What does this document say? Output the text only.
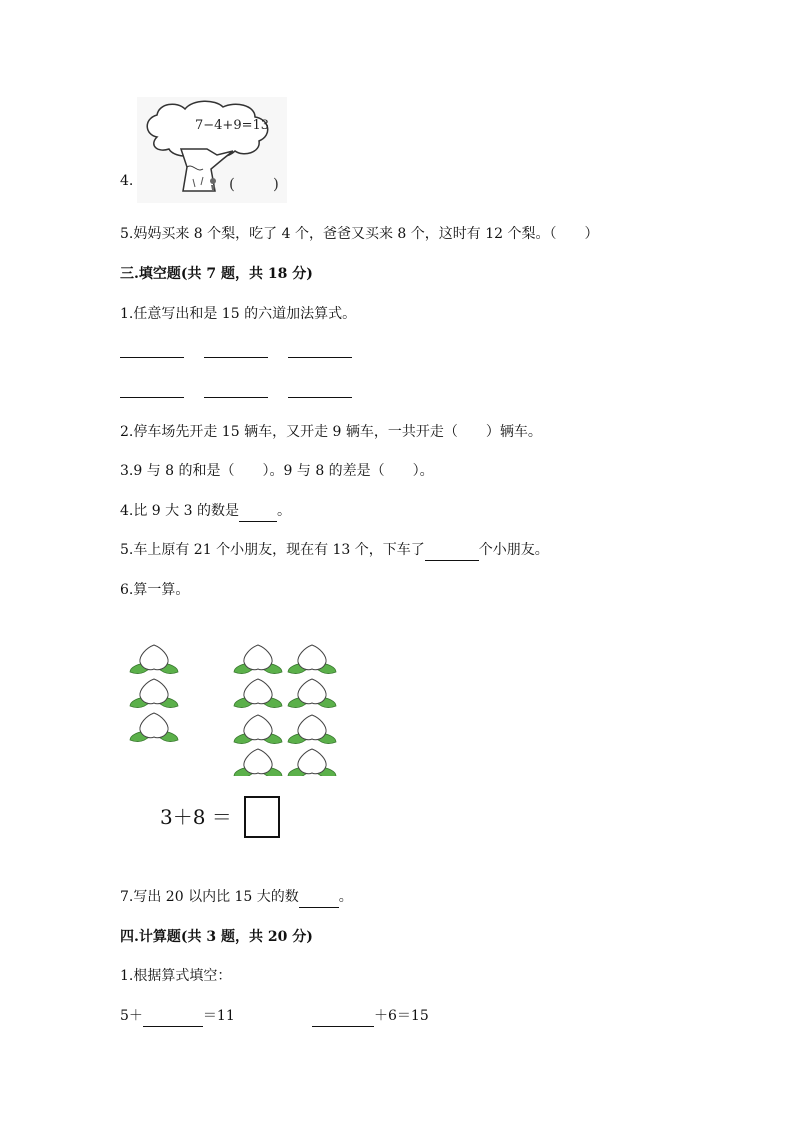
4.
7−4+9=13
(	)
5.妈妈买来 8 个梨，吃了 4 个，爸爸又买来 8 个，这时有 12 个梨。（　　）
三.填空题(共 7 题，共 18 分)
1.任意写出和是 15 的六道加法算式。
2.停车场先开走 15 辆车，又开走 9 辆车，一共开走（　　）辆车。
3.9 与 8 的和是（　　）。9 与 8 的差是（　　）。
4.比 9 大 3 的数是	。
5.车上原有 21 个小朋友，现在有 13 个，下车了	个小朋友。
6.算一算。
3＋8 ＝
7.写出 20 以内比 15 大的数	。
四.计算题(共 3 题，共 20 分)
1.根据算式填空：
5＋	＝11	＋6＝15
